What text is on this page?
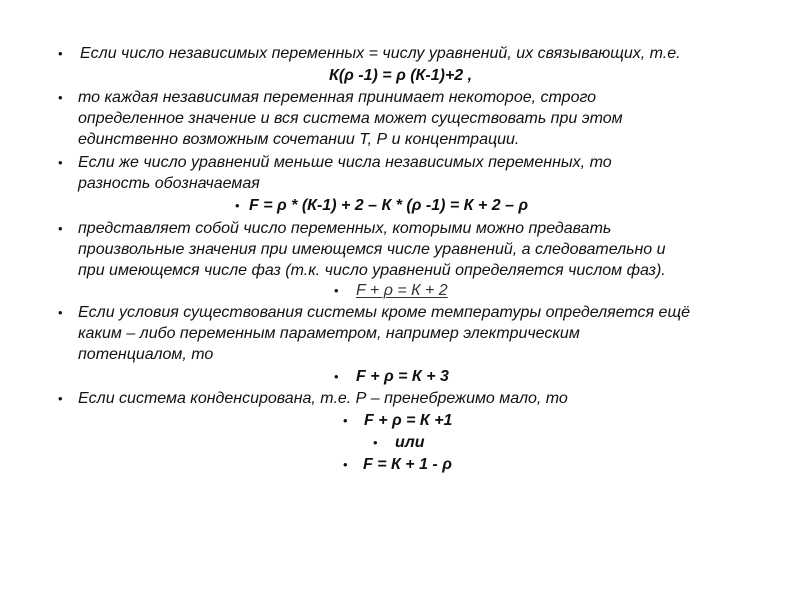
• Если число независимых переменных = числу уравнений, их связывающих, т.е.
К(ρ -1) = ρ (К-1)+2 ,
• то каждая независимая переменная принимает некоторое, строго
определенное значение и вся система может существовать при этом
единственно возможным сочетании Т, Р и концентрации.
• Если же число уравнений меньше числа независимых переменных, то
разность обозначаемая
• F = ρ * (К-1) + 2 – К * (ρ -1) = К + 2 – ρ
• представляет собой число переменных, которыми можно предавать
произвольные значения при имеющемся числе уравнений, а следовательно и
при имеющемся числе фаз (т.к. число уравнений определяется числом фаз).
• F + ρ = К + 2
• Если условия существования системы кроме температуры определяется ещё
каким – либо переменным параметром, например электрическим
потенциалом, то
• F + ρ = К + 3
• Если система конденсирована, т.е. Р – пренебрежимо мало, то
• F + ρ = К +1
• или
• F = К + 1 - ρ
